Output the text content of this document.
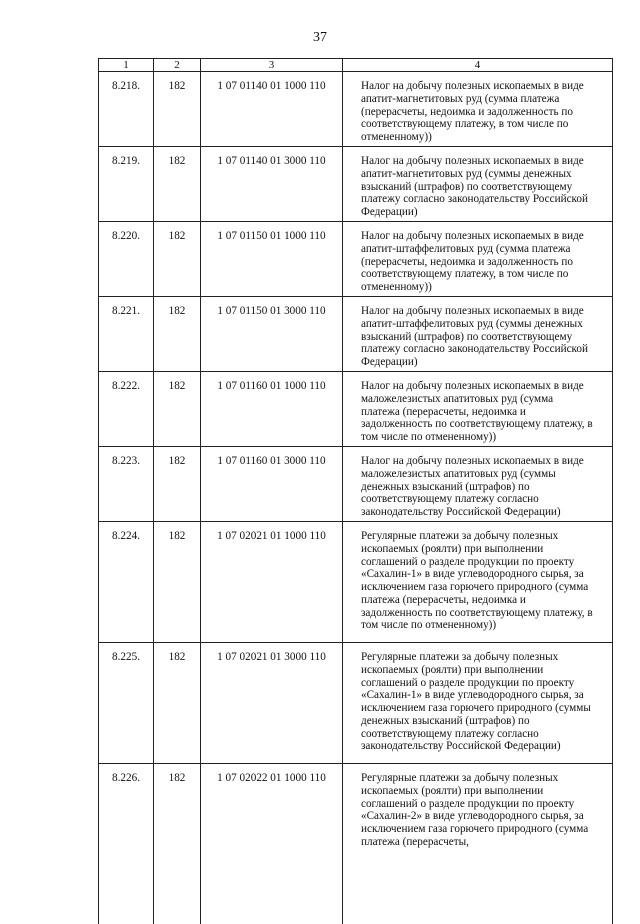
37
1	2	3	4
8.218.	182	1 07 01140 01 1000 110	Налог на добычу полезных ископаемых в виде апатит-магнетитовых руд (сумма платежа (перерасчеты, недоимка и задолженность по соответствующему платежу, в том числе по отмененному))

8.219.	182	1 07 01140 01 3000 110	Налог на добычу полезных ископаемых в виде апатит-магнетитовых руд (суммы денежных взысканий (штрафов) по соответствующему платежу согласно законодательству Российской Федерации)

8.220.	182	1 07 01150 01 1000 110	Налог на добычу полезных ископаемых в виде апатит-штаффелитовых руд (сумма платежа (перерасчеты, недоимка и задолженность по соответствующему платежу, в том числе по отмененному))

8.221.	182	1 07 01150 01 3000 110	Налог на добычу полезных ископаемых в виде апатит-штаффелитовых руд (суммы денежных взысканий (штрафов) по соответствующему платежу согласно законодательству Российской Федерации)

8.222.	182	1 07 01160 01 1000 110	Налог на добычу полезных ископаемых в виде маложелезистых апатитовых руд (сумма платежа (перерасчеты, недоимка и задолженность по соответствующему платежу, в том числе по отмененному))

8.223.	182	1 07 01160 01 3000 110	Налог на добычу полезных ископаемых в виде маложелезистых апатитовых руд (суммы денежных взысканий (штрафов) по соответствующему платежу согласно законодательству Российской Федерации)

8.224.	182	1 07 02021 01 1000 110	Регулярные платежи за добычу полезных ископаемых (роялти) при выполнении соглашений о разделе продукции по проекту «Сахалин-1» в виде углеводородного сырья, за исключением газа горючего природного (сумма платежа (перерасчеты, недоимка и задолженность по соответствующему платежу, в том числе по отмененному))

8.225.	182	1 07 02021 01 3000 110	Регулярные платежи за добычу полезных ископаемых (роялти) при выполнении соглашений о разделе продукции по проекту «Сахалин-1» в виде углеводородного сырья, за исключением газа горючего природного (суммы денежных взысканий (штрафов) по соответствующему платежу согласно законодательству Российской Федерации)

8.226.	182	1 07 02022 01 1000 110	Регулярные платежи за добычу полезных ископаемых (роялти) при выполнении соглашений о разделе продукции по проекту «Сахалин-2» в виде углеводородного сырья, за исключением газа горючего природного (сумма платежа (перерасчеты,
